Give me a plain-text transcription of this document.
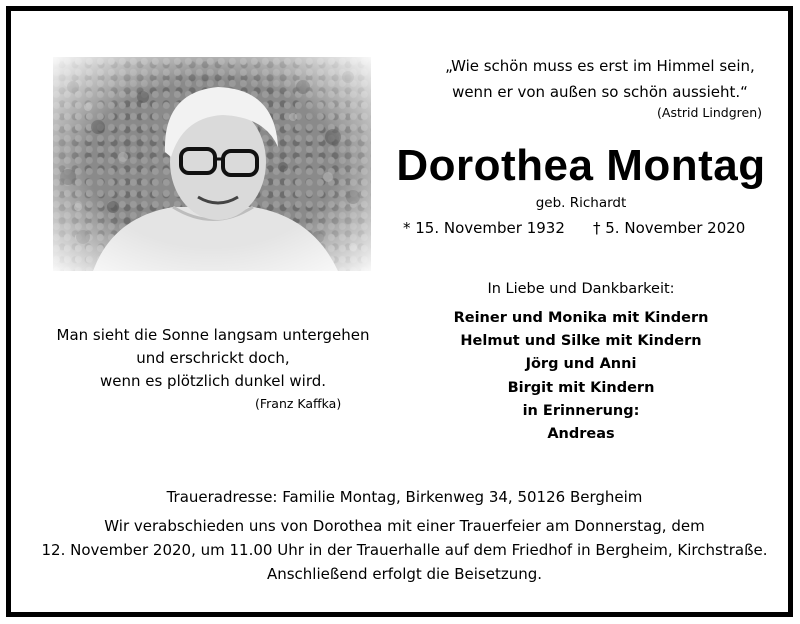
„Wie schön muss es erst im Himmel sein,
wenn er von außen so schön aussieht.“
(Astrid Lindgren)
Dorothea Montag
geb. Richardt
* 15. November 1932 † 5. November 2020
In Liebe und Dankbarkeit:
Reiner und Monika mit Kindern
Helmut und Silke mit Kindern
Jörg und Anni
Birgit mit Kindern
in Erinnerung:
Andreas
Man sieht die Sonne langsam untergehen
und erschrickt doch,
wenn es plötzlich dunkel wird.
(Franz Kaffka)
Traueradresse: Familie Montag, Birkenweg 34, 50126 Bergheim
Wir verabschieden uns von Dorothea mit einer Trauerfeier am Donnerstag, dem
12. November 2020, um 11.00 Uhr in der Trauerhalle auf dem Friedhof in Bergheim, Kirchstraße.
Anschließend erfolgt die Beisetzung.
